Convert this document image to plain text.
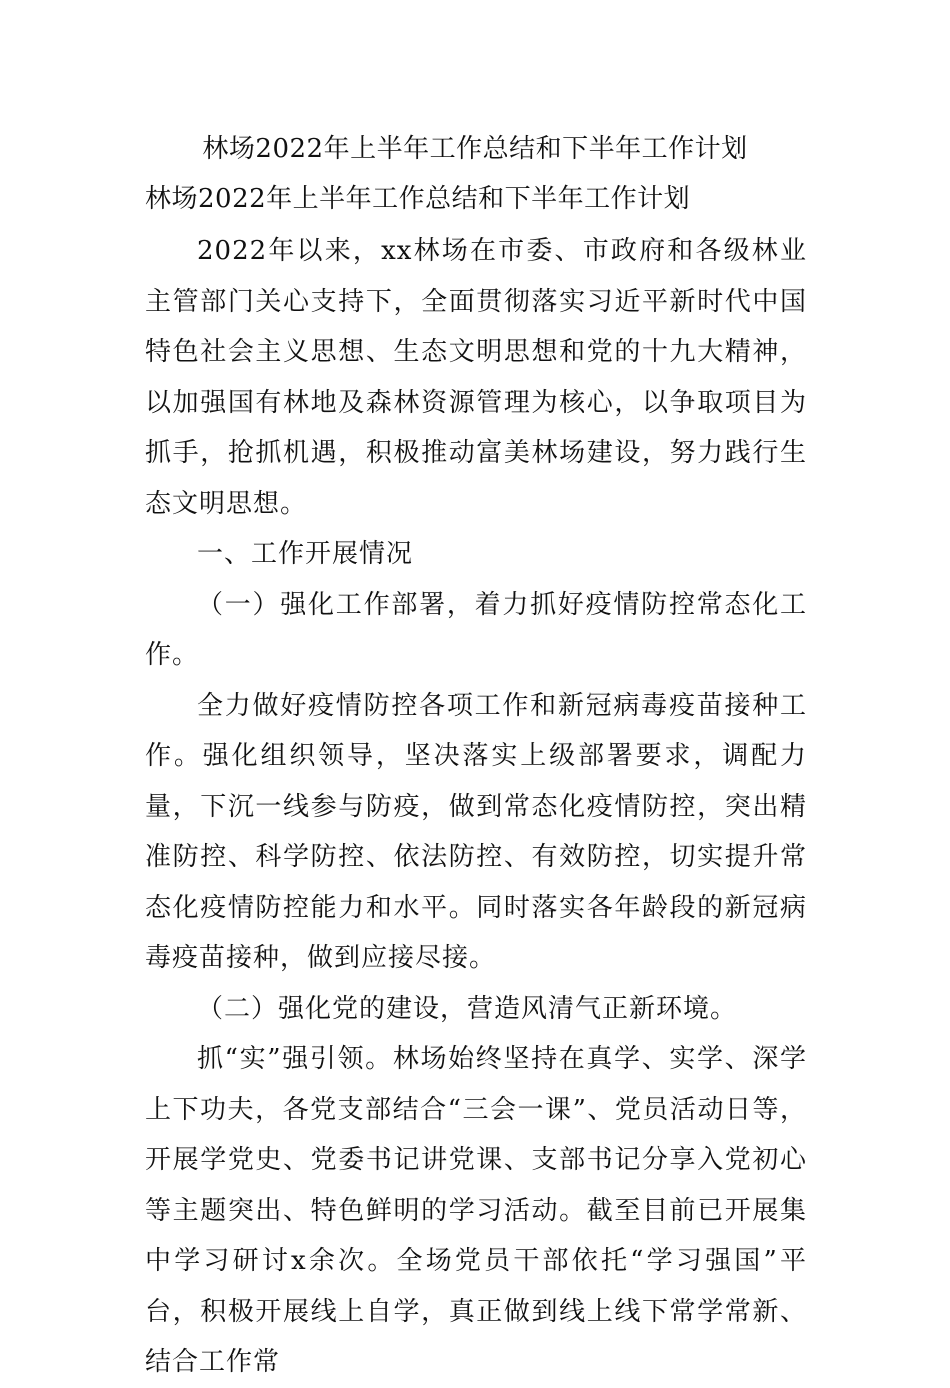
林场2022年上半年工作总结和下半年工作计划
林场2022年上半年工作总结和下半年工作计划

2022年以来，xx林场在市委、市政府和各级林业主管部门关心支持下，全面贯彻落实习近平新时代中国特色社会主义思想、生态文明思想和党的十九大精神，以加强国有林地及森林资源管理为核心，以争取项目为抓手，抢抓机遇，积极推动富美林场建设，努力践行生态文明思想。

一、工作开展情况

（一）强化工作部署，着力抓好疫情防控常态化工作。

全力做好疫情防控各项工作和新冠病毒疫苗接种工作。强化组织领导，坚决落实上级部署要求，调配力量，下沉一线参与防疫，做到常态化疫情防控，突出精准防控、科学防控、依法防控、有效防控，切实提升常态化疫情防控能力和水平。同时落实各年龄段的新冠病毒疫苗接种，做到应接尽接。

（二）强化党的建设，营造风清气正新环境。

抓“实”强引领。林场始终坚持在真学、实学、深学上下功夫，各党支部结合“三会一课”、党员活动日等，开展学党史、党委书记讲党课、支部书记分享入党初心等主题突出、特色鲜明的学习活动。截至目前已开展集中学习研讨x余次。全场党员干部依托“学习强国”平台，积极开展线上自学，真正做到线上线下常学常新、结合工作常
